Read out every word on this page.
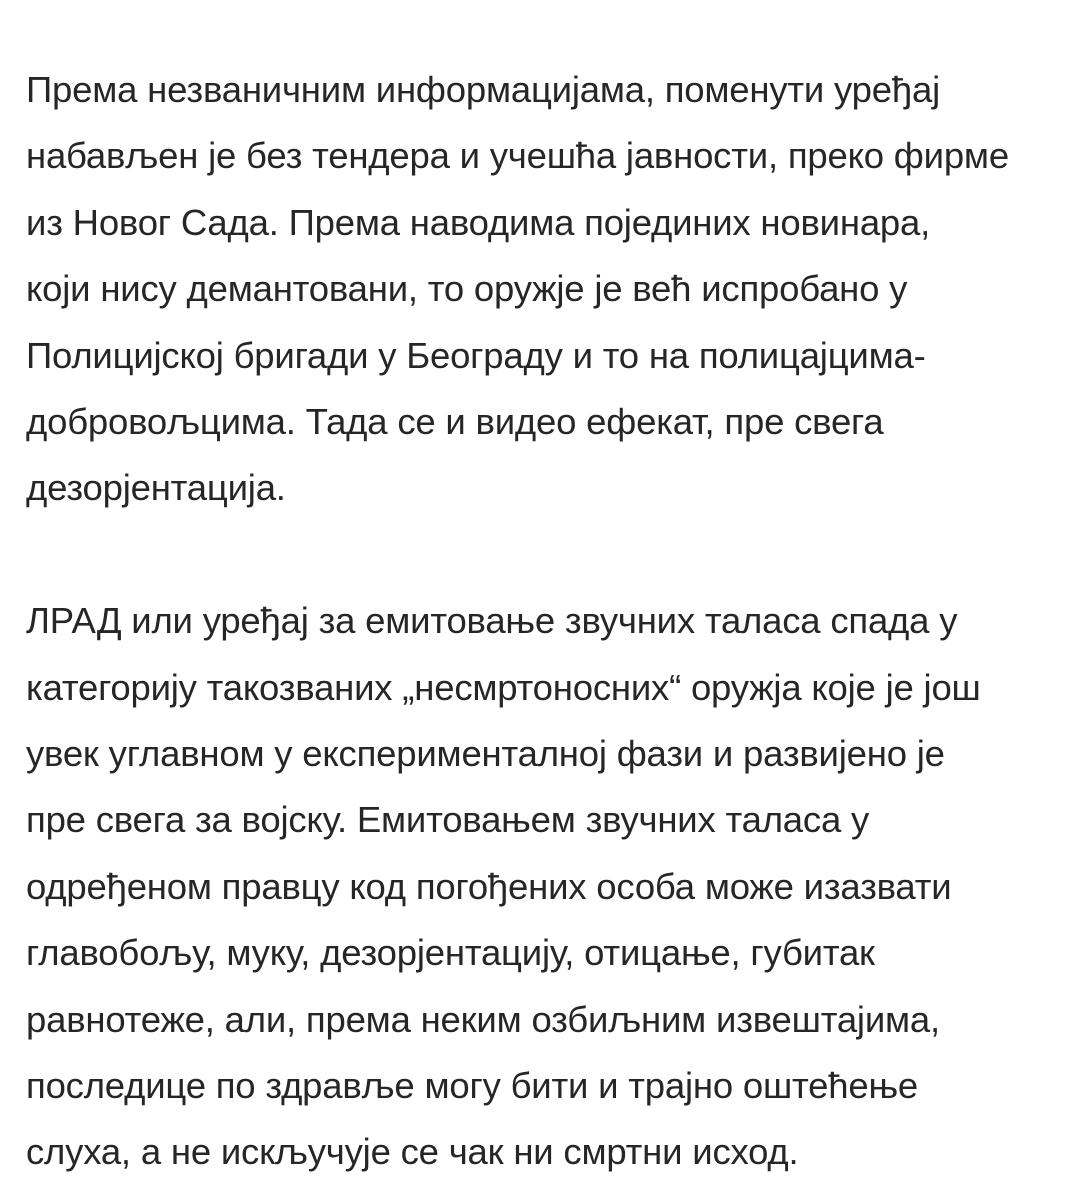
Према незваничним информацијама, поменути уређај
набављен је без тендера и учешћа јавности, преко фирме
из Новог Сада. Према наводима појединих новинара,
који нису демантовани, то оружје је већ испробано у
Полицијској бригади у Београду и то на полицајцима-
добровољцима. Тада се и видео ефекат, пре свега
дезорјентација.

ЛРАД или уређај за емитовање звучних таласа спада у
категорију такозваних „несмртоносних“ оружја које је још
увек углавном у експерименталној фази и развијено је
пре свега за војску. Емитовањем звучних таласа у
одређеном правцу код погођених особа може изазвати
главобољу, муку, дезорјентацију, отицање, губитак
равнотеже, али, према неким озбиљним извештајима,
последице по здравље могу бити и трајно оштећење
слуха, а не искључује се чак ни смртни исход.
